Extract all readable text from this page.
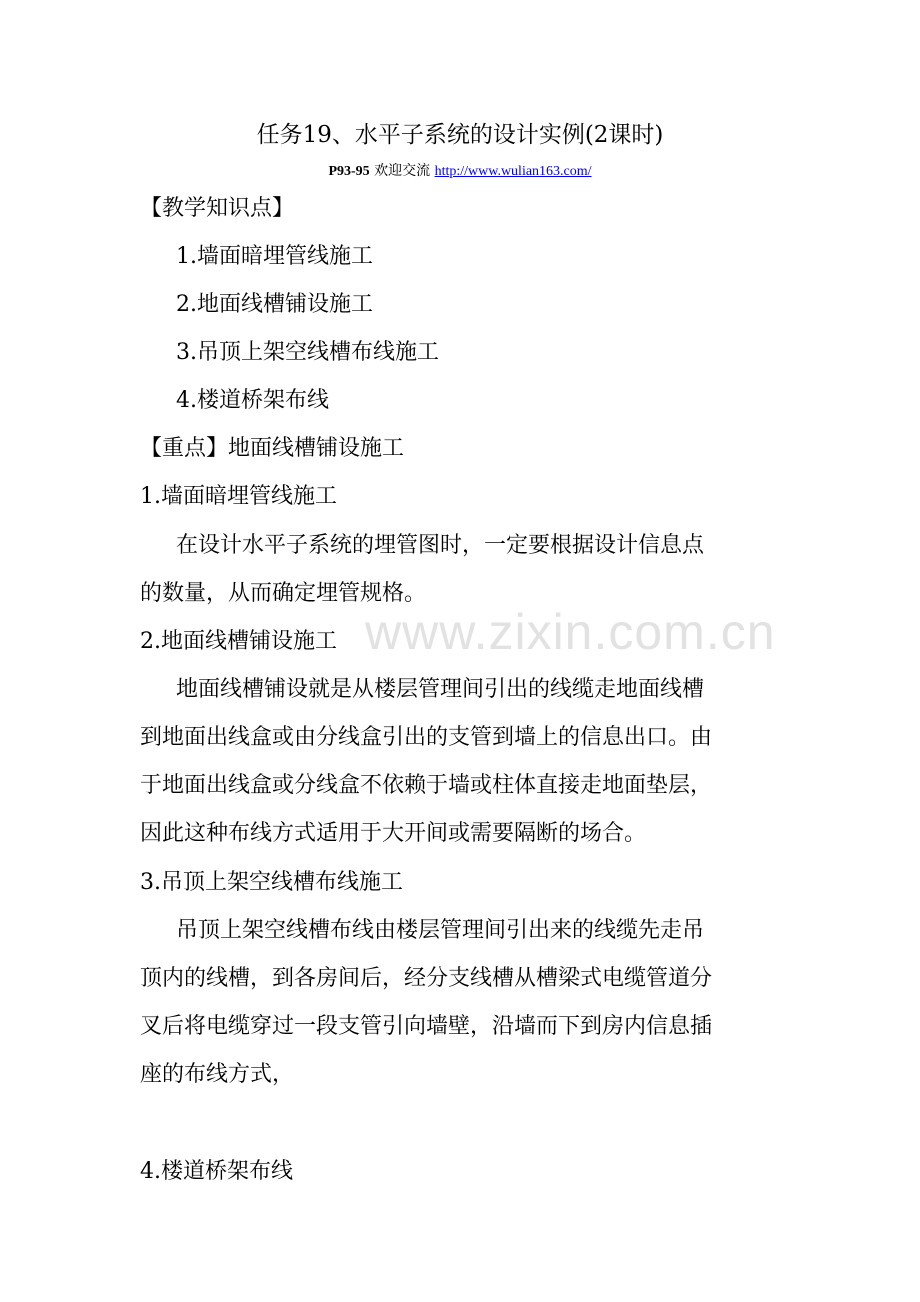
www.zixin.com.cn
任务19、水平子系统的设计实例(2课时)
P93-95 欢迎交流 http://www.wulian163.com/
【教学知识点】
1.墙面暗埋管线施工
2.地面线槽铺设施工
3.吊顶上架空线槽布线施工
4.楼道桥架布线
【重点】地面线槽铺设施工
1.墙面暗埋管线施工
在设计水平子系统的埋管图时，一定要根据设计信息点
的数量，从而确定埋管规格。
2.地面线槽铺设施工
地面线槽铺设就是从楼层管理间引出的线缆走地面线槽
到地面出线盒或由分线盒引出的支管到墙上的信息出口。由
于地面出线盒或分线盒不依赖于墙或柱体直接走地面垫层，
因此这种布线方式适用于大开间或需要隔断的场合。
3.吊顶上架空线槽布线施工
吊顶上架空线槽布线由楼层管理间引出来的线缆先走吊
顶内的线槽，到各房间后，经分支线槽从槽梁式电缆管道分
叉后将电缆穿过一段支管引向墙壁，沿墙而下到房内信息插
座的布线方式，
4.楼道桥架布线
